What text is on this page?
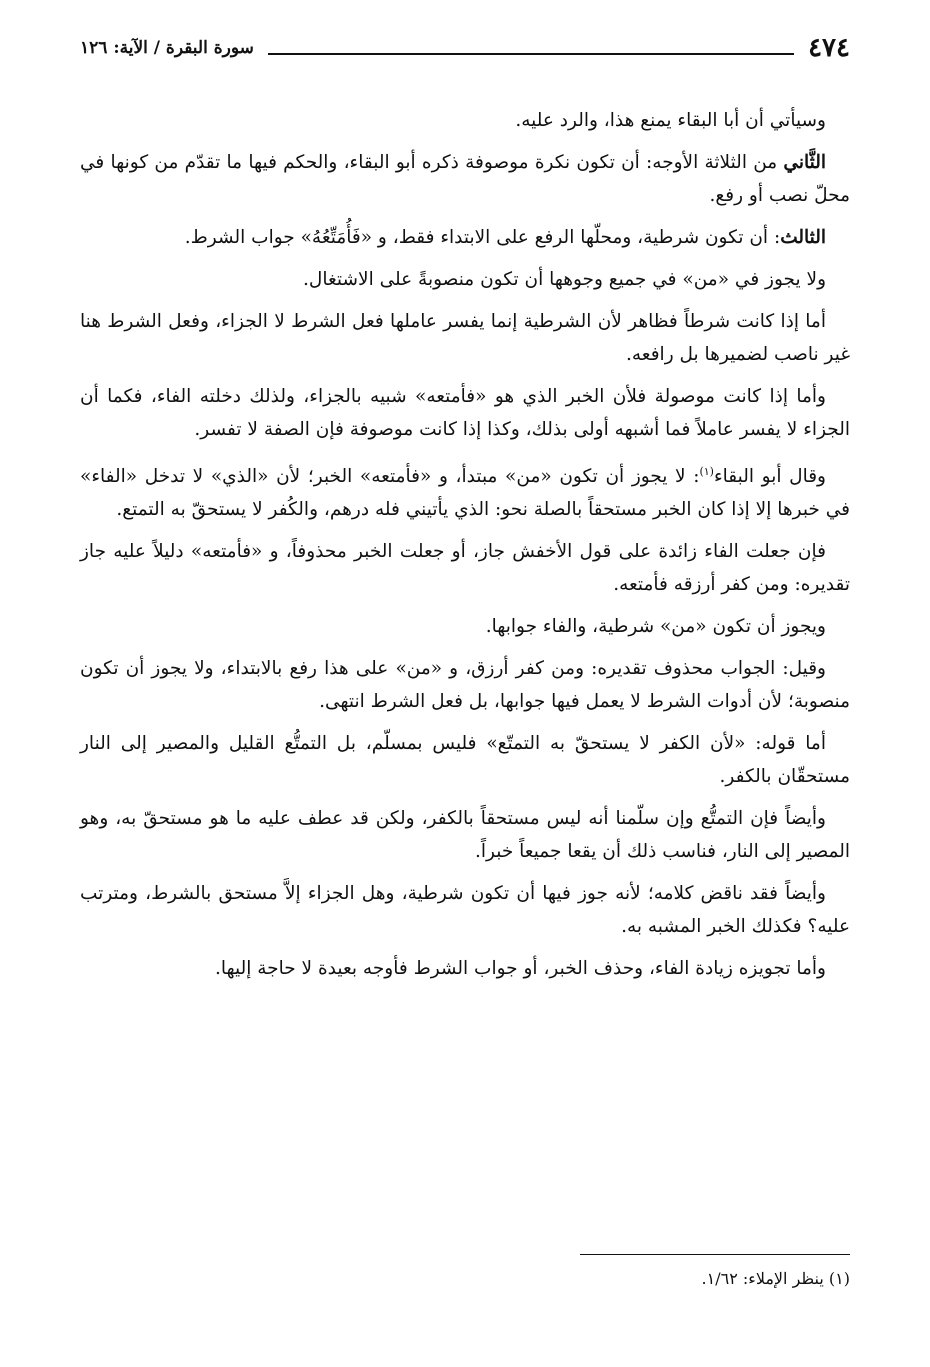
٤٧٤
سورة البقرة / الآية: ١٢٦

وسيأتي أن أبا البقاء يمنع هذا، والرد عليه.

الثَّاني من الثلاثة الأوجه: أن تكون نكرة موصوفة ذكره أبو البقاء، والحكم فيها ما تقدّم من كونها في محلّ نصب أو رفع.

الثالث: أن تكون شرطية، ومحلّها الرفع على الابتداء فقط، و «فَأُمَتِّعُهُ» جواب الشرط.

ولا يجوز في «من» في جميع وجوهها أن تكون منصوبةً على الاشتغال.

أما إذا كانت شرطاً فظاهر لأن الشرطية إنما يفسر عاملها فعل الشرط لا الجزاء، وفعل الشرط هنا غير ناصب لضميرها بل رافعه.

وأما إذا كانت موصولة فلأن الخبر الذي هو «فأمتعه» شبيه بالجزاء، ولذلك دخلته الفاء، فكما أن الجزاء لا يفسر عاملاً فما أشبهه أولى بذلك، وكذا إذا كانت موصوفة فإن الصفة لا تفسر.

وقال أبو البقاء$^{(١)}$: لا يجوز أن تكون «من» مبتدأ، و «فأمتعه» الخبر؛ لأن «الذي» لا تدخل «الفاء» في خبرها إلا إذا كان الخبر مستحقاً بالصلة نحو: الذي يأتيني فله درهم، والكُفر لا يستحقّ به التمتع.

فإن جعلت الفاء زائدة على قول الأخفش جاز، أو جعلت الخبر محذوفاً، و «فأمتعه» دليلاً عليه جاز تقديره: ومن كفر أرزقه فأمتعه.

ويجوز أن تكون «من» شرطية، والفاء جوابها.

وقيل: الجواب محذوف تقديره: ومن كفر أرزق، و «من» على هذا رفع بالابتداء، ولا يجوز أن تكون منصوبة؛ لأن أدوات الشرط لا يعمل فيها جوابها، بل فعل الشرط انتهى.

أما قوله: «لأن الكفر لا يستحقّ به التمتّع» فليس بمسلّم، بل التمتُّع القليل والمصير إلى النار مستحقّان بالكفر.

وأيضاً فإن التمتُّع وإن سلّمنا أنه ليس مستحقاً بالكفر، ولكن قد عطف عليه ما هو مستحقّ به، وهو المصير إلى النار، فناسب ذلك أن يقعا جميعاً خبراً.

وأيضاً فقد ناقض كلامه؛ لأنه جوز فيها أن تكون شرطية، وهل الجزاء إلاَّ مستحق بالشرط، ومترتب عليه؟ فكذلك الخبر المشبه به.

وأما تجويزه زيادة الفاء، وحذف الخبر، أو جواب الشرط فأوجه بعيدة لا حاجة إليها.

(١) ينظر الإملاء: ١/٦٢.
